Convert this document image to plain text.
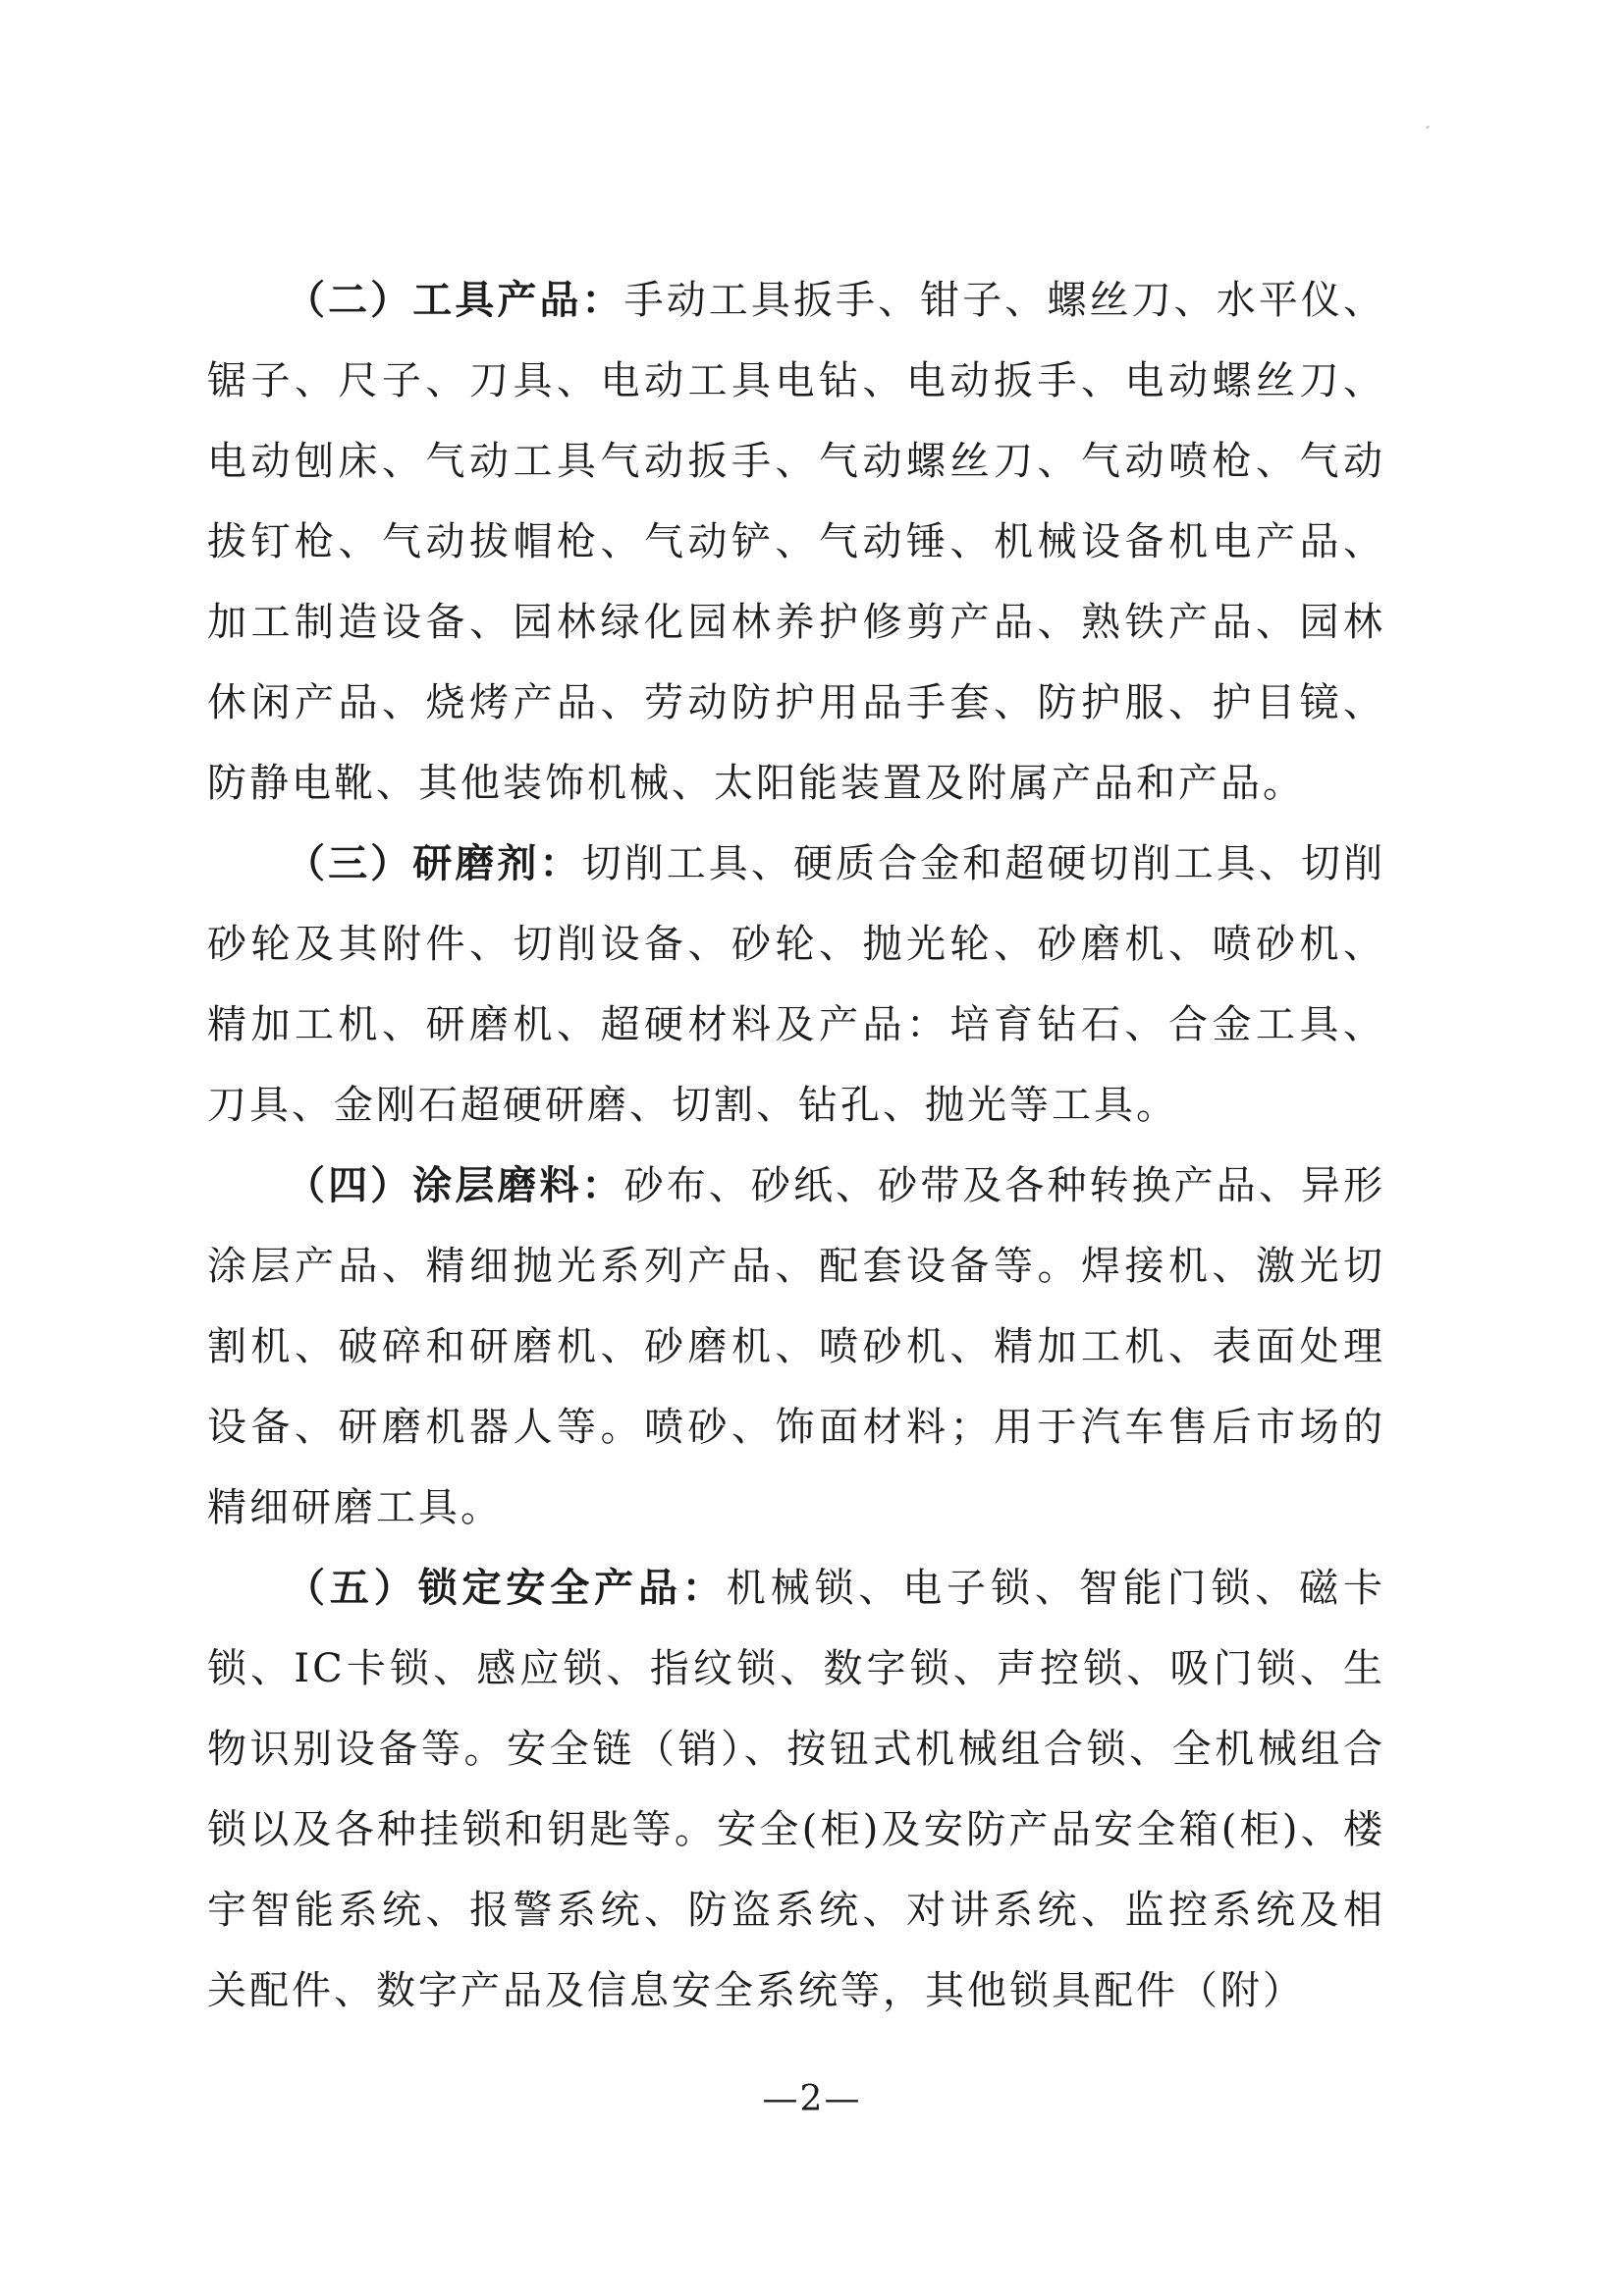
（二）工具产品：手动工具扳手、钳子、螺丝刀、水平仪、锯子、尺子、刀具、电动工具电钻、电动扳手、电动螺丝刀、电动刨床、气动工具气动扳手、气动螺丝刀、气动喷枪、气动拔钉枪、气动拔帽枪、气动铲、气动锤、机械设备机电产品、加工制造设备、园林绿化园林养护修剪产品、熟铁产品、园林休闲产品、烧烤产品、劳动防护用品手套、防护服、护目镜、防静电靴、其他装饰机械、太阳能装置及附属产品和产品。

（三）研磨剂：切削工具、硬质合金和超硬切削工具、切削砂轮及其附件、切削设备、砂轮、抛光轮、砂磨机、喷砂机、精加工机、研磨机、超硬材料及产品：培育钻石、合金工具、刀具、金刚石超硬研磨、切割、钻孔、抛光等工具。

（四）涂层磨料：砂布、砂纸、砂带及各种转换产品、异形涂层产品、精细抛光系列产品、配套设备等。焊接机、激光切割机、破碎和研磨机、砂磨机、喷砂机、精加工机、表面处理设备、研磨机器人等。喷砂、饰面材料；用于汽车售后市场的精细研磨工具。

（五）锁定安全产品：机械锁、电子锁、智能门锁、磁卡锁、IC卡锁、感应锁、指纹锁、数字锁、声控锁、吸门锁、生物识别设备等。安全链（销）、按钮式机械组合锁、全机械组合锁以及各种挂锁和钥匙等。安全(柜)及安防产品安全箱(柜)、楼宇智能系统、报警系统、防盗系统、对讲系统、监控系统及相关配件、数字产品及信息安全系统等，其他锁具配件（附）

—2—
